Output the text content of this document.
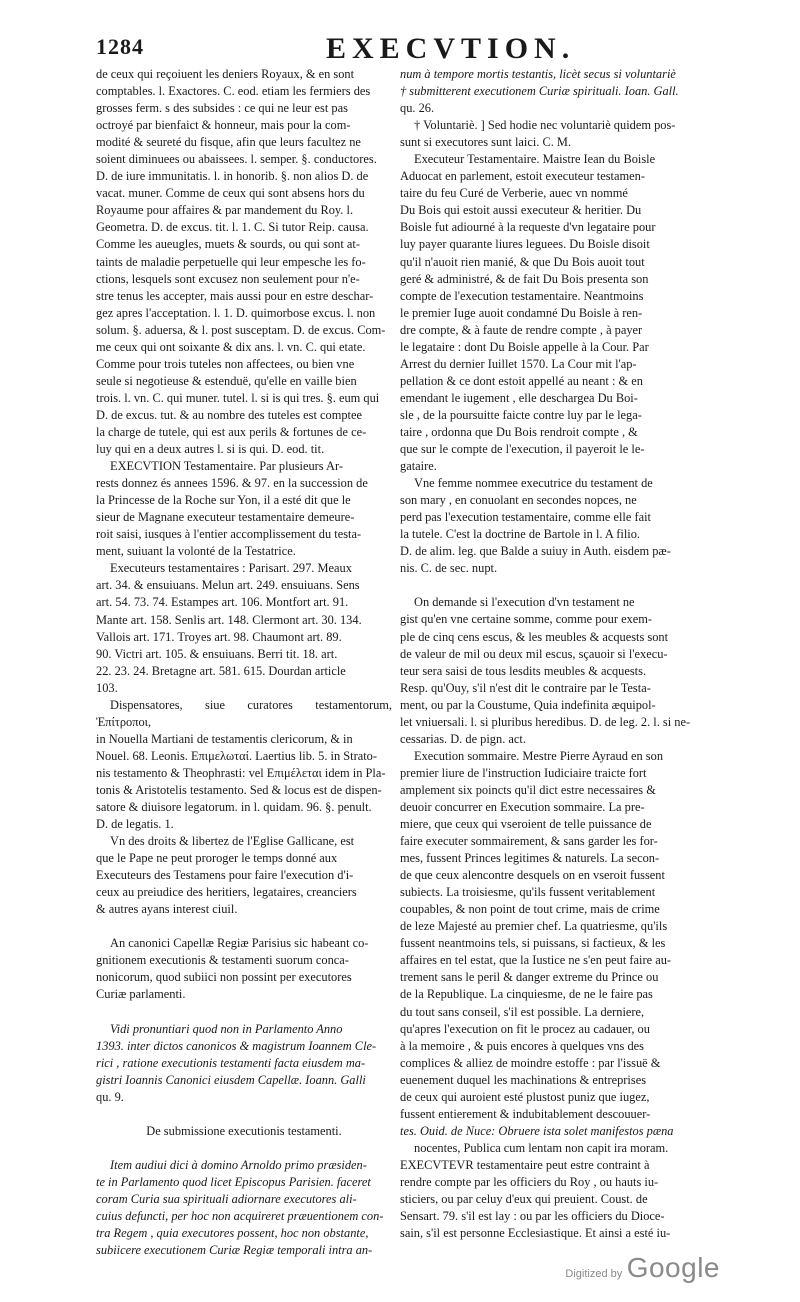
1284	EXECVTION.

de ceux qui reçoiuent les deniers Royaux, & en sont

comptables. l. Exactores. C. eod. etiam les fermiers des

grosses ferm. s des subsides : ce qui ne leur est pas

octroyé par bienfaict & honneur, mais pour la com-

modité & seureté du fisque, afin que leurs facultez ne

soient diminuees ou abaissees. l. semper. §. conductores.

D. de iure immunitatis. l. in honorib. §. non alios D. de

vacat. muner. Comme de ceux qui sont absens hors du

Royaume pour affaires & par mandement du Roy. l.

Geometra. D. de excus. tit. l. 1. C. Si tutor Reip. causa.

Comme les aueugles, muets & sourds, ou qui sont at-

taints de maladie perpetuelle qui leur empesche les fo-

ctions, lesquels sont excusez non seulement pour n'e-

stre tenus les accepter, mais aussi pour en estre deschar-

gez apres l'acceptation. l. 1. D. quimorbose excus. l. non

solum. §. aduersa, & l. post susceptam. D. de excus. Com-

me ceux qui ont soixante & dix ans. l. vn. C. qui etate.

Comme pour trois tuteles non affectees, ou bien vne

seule si negotieuse & estenduë, qu'elle en vaille bien

trois. l. vn. C. qui muner. tutel. l. si is qui tres. §. eum qui

D. de excus. tut. & au nombre des tuteles est comptee

la charge de tutele, qui est aux perils & fortunes de ce-

luy qui en a deux autres l. si is qui. D. eod. tit.

EXECVTION Testamentaire. Par plusieurs Ar-

rests donnez és annees 1596. & 97. en la succession de

la Princesse de la Roche sur Yon, il a esté dit que le

sieur de Magnane executeur testamentaire demeure-

roit saisi, iusques à l'entier accomplissement du testa-

ment, suiuant la volonté de la Testatrice.

Executeurs testamentaires : Parisart. 297. Meaux

art. 34. & ensuiuans. Melun art. 249. ensuiuans. Sens

art. 54. 73. 74. Estampes art. 106. Montfort art. 91.

Mante art. 158. Senlis art. 148. Clermont art. 30. 134.

Vallois art. 171. Troyes art. 98. Chaumont art. 89.

90. Victri art. 105. & ensuiuans. Berri tit. 18. art.

22. 23. 24. Bretagne art. 581. 615. Dourdan article

103.

Dispensatores, siue curatores testamentorum, Ἐπίτροποι,

in Nouella Martiani de testamentis clericorum, & in

Nouel. 68. Leonis. Επιμελωταί. Laertius lib. 5. in Strato-

nis testamento & Theophrasti: vel Επιμέλεται idem in Pla-

tonis & Aristotelis testamento. Sed & locus est de dispen-

satore & diuisore legatorum. in l. quidam. 96. §. penult.

D. de legatis. 1.

Vn des droits & libertez de l'Eglise Gallicane, est

que le Pape ne peut proroger le temps donné aux

Executeurs des Testamens pour faire l'execution d'i-

ceux au preiudice des heritiers, legataires, creanciers

& autres ayans interest ciuil.

An canonici Capellæ Regiæ Parisius sic habeant co-

gnitionem executionis & testamenti suorum conca-

nonicorum, quod subiici non possint per executores

Curiæ parlamenti.

Vidi pronuntiari quod non in Parlamento Anno

1393. inter dictos canonicos & magistrum Ioannem Cle-

rici , ratione executionis testamenti facta eiusdem ma-

gistri Ioannis Canonici eiusdem Capellæ. Ioann. Galli

qu. 9.

De submissione executionis testamenti.

Item audiui dici à domino Arnoldo primo præsiden-

te in Parlamento quod licet Episcopus Parisien. faceret

coram Curia sua spirituali adiornare executores ali-

cuius defuncti, per hoc non acquireret præuentionem con-

tra Regem , quia executores possent, hoc non obstante,

subiicere executionem Curiæ Regiæ temporali intra an-

num à tempore mortis testantis, licèt secus si voluntariè

† submitterent executionem Curiæ spirituali. Ioan. Gall.

qu. 26.

† Voluntariè. ] Sed hodie nec voluntariè quidem pos-

sunt si executores sunt laici. C. M.

Executeur Testamentaire. Maistre Iean du Boisle

Aduocat en parlement, estoit executeur testamen-

taire du feu Curé de Verberie, auec vn nommé

Du Bois qui estoit aussi executeur & heritier. Du

Boisle fut adiourné à la requeste d'vn legataire pour

luy payer quarante liures leguees. Du Boisle disoit

qu'il n'auoit rien manié, & que Du Bois auoit tout

geré & administré, & de fait Du Bois presenta son

compte de l'execution testamentaire. Neantmoins

le premier Iuge auoit condamné Du Boisle à ren-

dre compte, & à faute de rendre compte , à payer

le legataire : dont Du Boisle appelle à la Cour. Par

Arrest du dernier Iuillet 1570. La Cour mit l'ap-

pellation & ce dont estoit appellé au neant : & en

emendant le iugement , elle deschargea Du Boi-

sle , de la poursuitte faicte contre luy par le lega-

taire , ordonna que Du Bois rendroit compte , &

que sur le compte de l'execution, il payeroit le le-

gataire.

Vne femme nommee executrice du testament de

son mary , en conuolant en secondes nopces, ne

perd pas l'execution testamentaire, comme elle fait

la tutele. C'est la doctrine de Bartole in l. A filio.

D. de alim. leg. que Balde a suiuy in Auth. eisdem pæ-

nis. C. de sec. nupt.

On demande si l'execution d'vn testament ne

gist qu'en vne certaine somme, comme pour exem-

ple de cinq cens escus, & les meubles & acquests sont

de valeur de mil ou deux mil escus, sçauoir si l'execu-

teur sera saisi de tous lesdits meubles & acquests.

Resp. qu'Ouy, s'il n'est dit le contraire par le Testa-

ment, ou par la Coustume, Quia indefinita æquipol-

let vniuersali. l. si pluribus heredibus. D. de leg. 2. l. si ne-

cessarias. D. de pign. act.

Execution sommaire. Mestre Pierre Ayraud en son

premier liure de l'instruction Iudiciaire traicte fort

amplement six poincts qu'il dict estre necessaires &

deuoir concurrer en Execution sommaire. La pre-

miere, que ceux qui vseroient de telle puissance de

faire executer sommairement, & sans garder les for-

mes, fussent Princes legitimes & naturels. La secon-

de que ceux alencontre desquels on en vseroit fussent

subiects. La troisiesme, qu'ils fussent veritablement

coupables, & non point de tout crime, mais de crime

de leze Majesté au premier chef. La quatriesme, qu'ils

fussent neantmoins tels, si puissans, si factieux, & les

affaires en tel estat, que la Iustice ne s'en peut faire au-

trement sans le peril & danger extreme du Prince ou

de la Republique. La cinquiesme, de ne le faire pas

du tout sans conseil, s'il est possible. La derniere,

qu'apres l'execution on fit le procez au cadauer, ou

à la memoire , & puis encores à quelques vns des

complices & alliez de moindre estoffe : par l'issuë &

euenement duquel les machinations & entreprises

de ceux qui auroient esté plustost puniz que iugez,

fussent entierement & indubitablement descouuer-

tes. Ouid. de Nuce: Obruere ista solet manifestos pæna

nocentes, Publica cum lentam non capit ira moram.

EXECVTEVR testamentaire peut estre contraint à

rendre compte par les officiers du Roy , ou hauts iu-

sticiers, ou par celuy d'eux qui preuient. Coust. de

Sensart. 79. s'il est lay : ou par les officiers du Dioce-

sain, s'il est personne Ecclesiastique. Et ainsi a esté iu-

Digitized by Google
